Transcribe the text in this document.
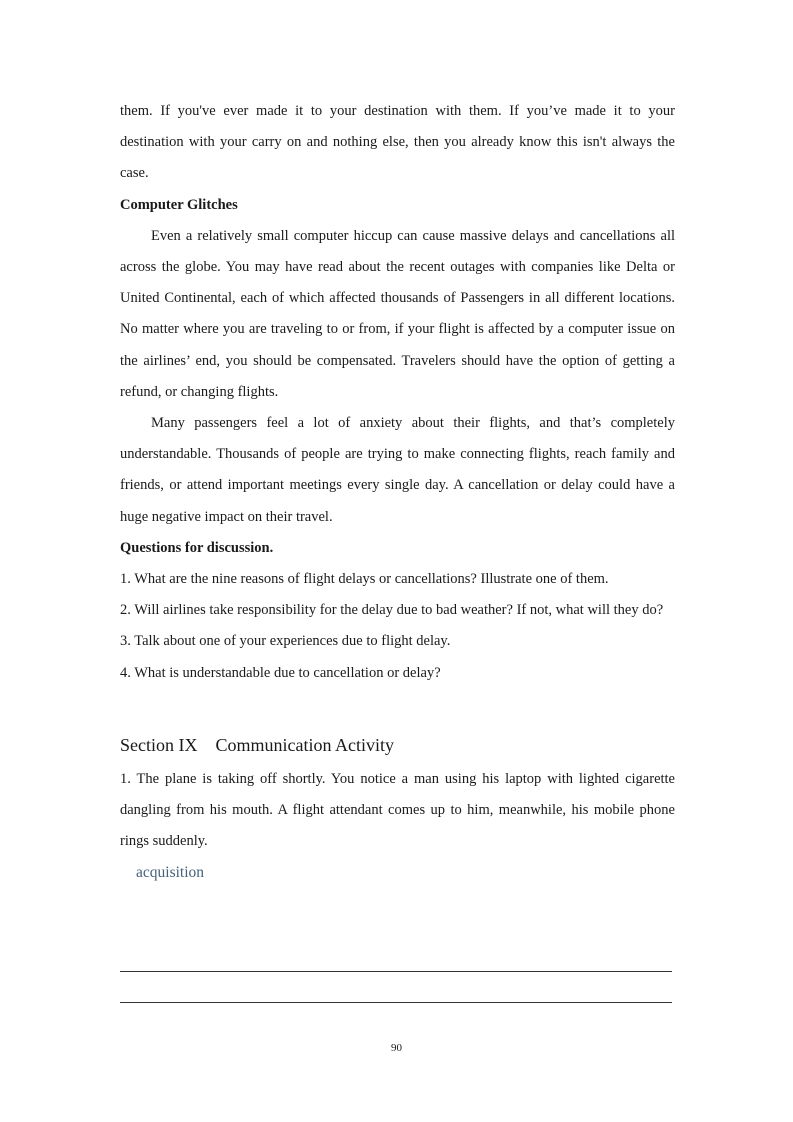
them. If you've ever made it to your destination with them. If you’ve made it to your destination with your carry on and nothing else, then you already know this isn't always the case.

Computer Glitches

Even a relatively small computer hiccup can cause massive delays and cancellations all across the globe. You may have read about the recent outages with companies like Delta or United Continental, each of which affected thousands of Passengers in all different locations. No matter where you are traveling to or from, if your flight is affected by a computer issue on the airlines’ end, you should be compensated. Travelers should have the option of getting a refund, or changing flights.

Many passengers feel a lot of anxiety about their flights, and that’s completely understandable. Thousands of people are trying to make connecting flights, reach family and friends, or attend important meetings every single day. A cancellation or delay could have a huge negative impact on their travel.

Questions for discussion.

1. What are the nine reasons of flight delays or cancellations? Illustrate one of them.
2. Will airlines take responsibility for the delay due to bad weather? If not, what will they do?
3. Talk about one of your experiences due to flight delay.
4. What is understandable due to cancellation or delay?
Section IX Communication Activity

1. The plane is taking off shortly. You notice a man using his laptop with lighted cigarette dangling from his mouth. A flight attendant comes up to him, meanwhile, his mobile phone rings suddenly.

acquisition

90
